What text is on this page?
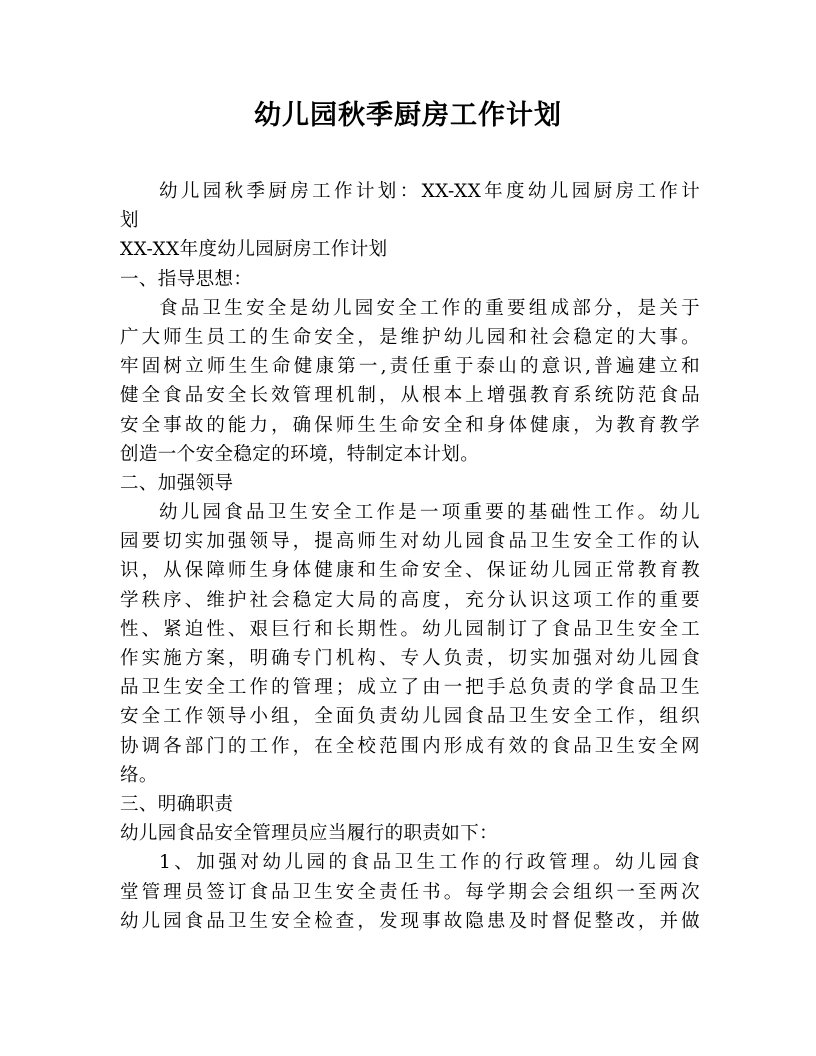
幼儿园秋季厨房工作计划
幼儿园秋季厨房工作计划：XX-XX年度幼儿园厨房工作计
划
XX-XX年度幼儿园厨房工作计划
一、指导思想：
食品卫生安全是幼儿园安全工作的重要组成部分，是关于
广大师生员工的生命安全，是维护幼儿园和社会稳定的大事。
牢固树立师生生命健康第一,责任重于泰山的意识,普遍建立和
健全食品安全长效管理机制，从根本上增强教育系统防范食品
安全事故的能力，确保师生生命安全和身体健康，为教育教学
创造一个安全稳定的环境，特制定本计划。
二、加强领导
幼儿园食品卫生安全工作是一项重要的基础性工作。幼儿
园要切实加强领导，提高师生对幼儿园食品卫生安全工作的认
识，从保障师生身体健康和生命安全、保证幼儿园正常教育教
学秩序、维护社会稳定大局的高度，充分认识这项工作的重要
性、紧迫性、艰巨行和长期性。幼儿园制订了食品卫生安全工
作实施方案，明确专门机构、专人负责，切实加强对幼儿园食
品卫生安全工作的管理；成立了由一把手总负责的学食品卫生
安全工作领导小组，全面负责幼儿园食品卫生安全工作，组织
协调各部门的工作，在全校范围内形成有效的食品卫生安全网
络。
三、明确职责
幼儿园食品安全管理员应当履行的职责如下：
1、加强对幼儿园的食品卫生工作的行政管理。幼儿园食
堂管理员签订食品卫生安全责任书。每学期会会组织一至两次
幼儿园食品卫生安全检查，发现事故隐患及时督促整改，并做
